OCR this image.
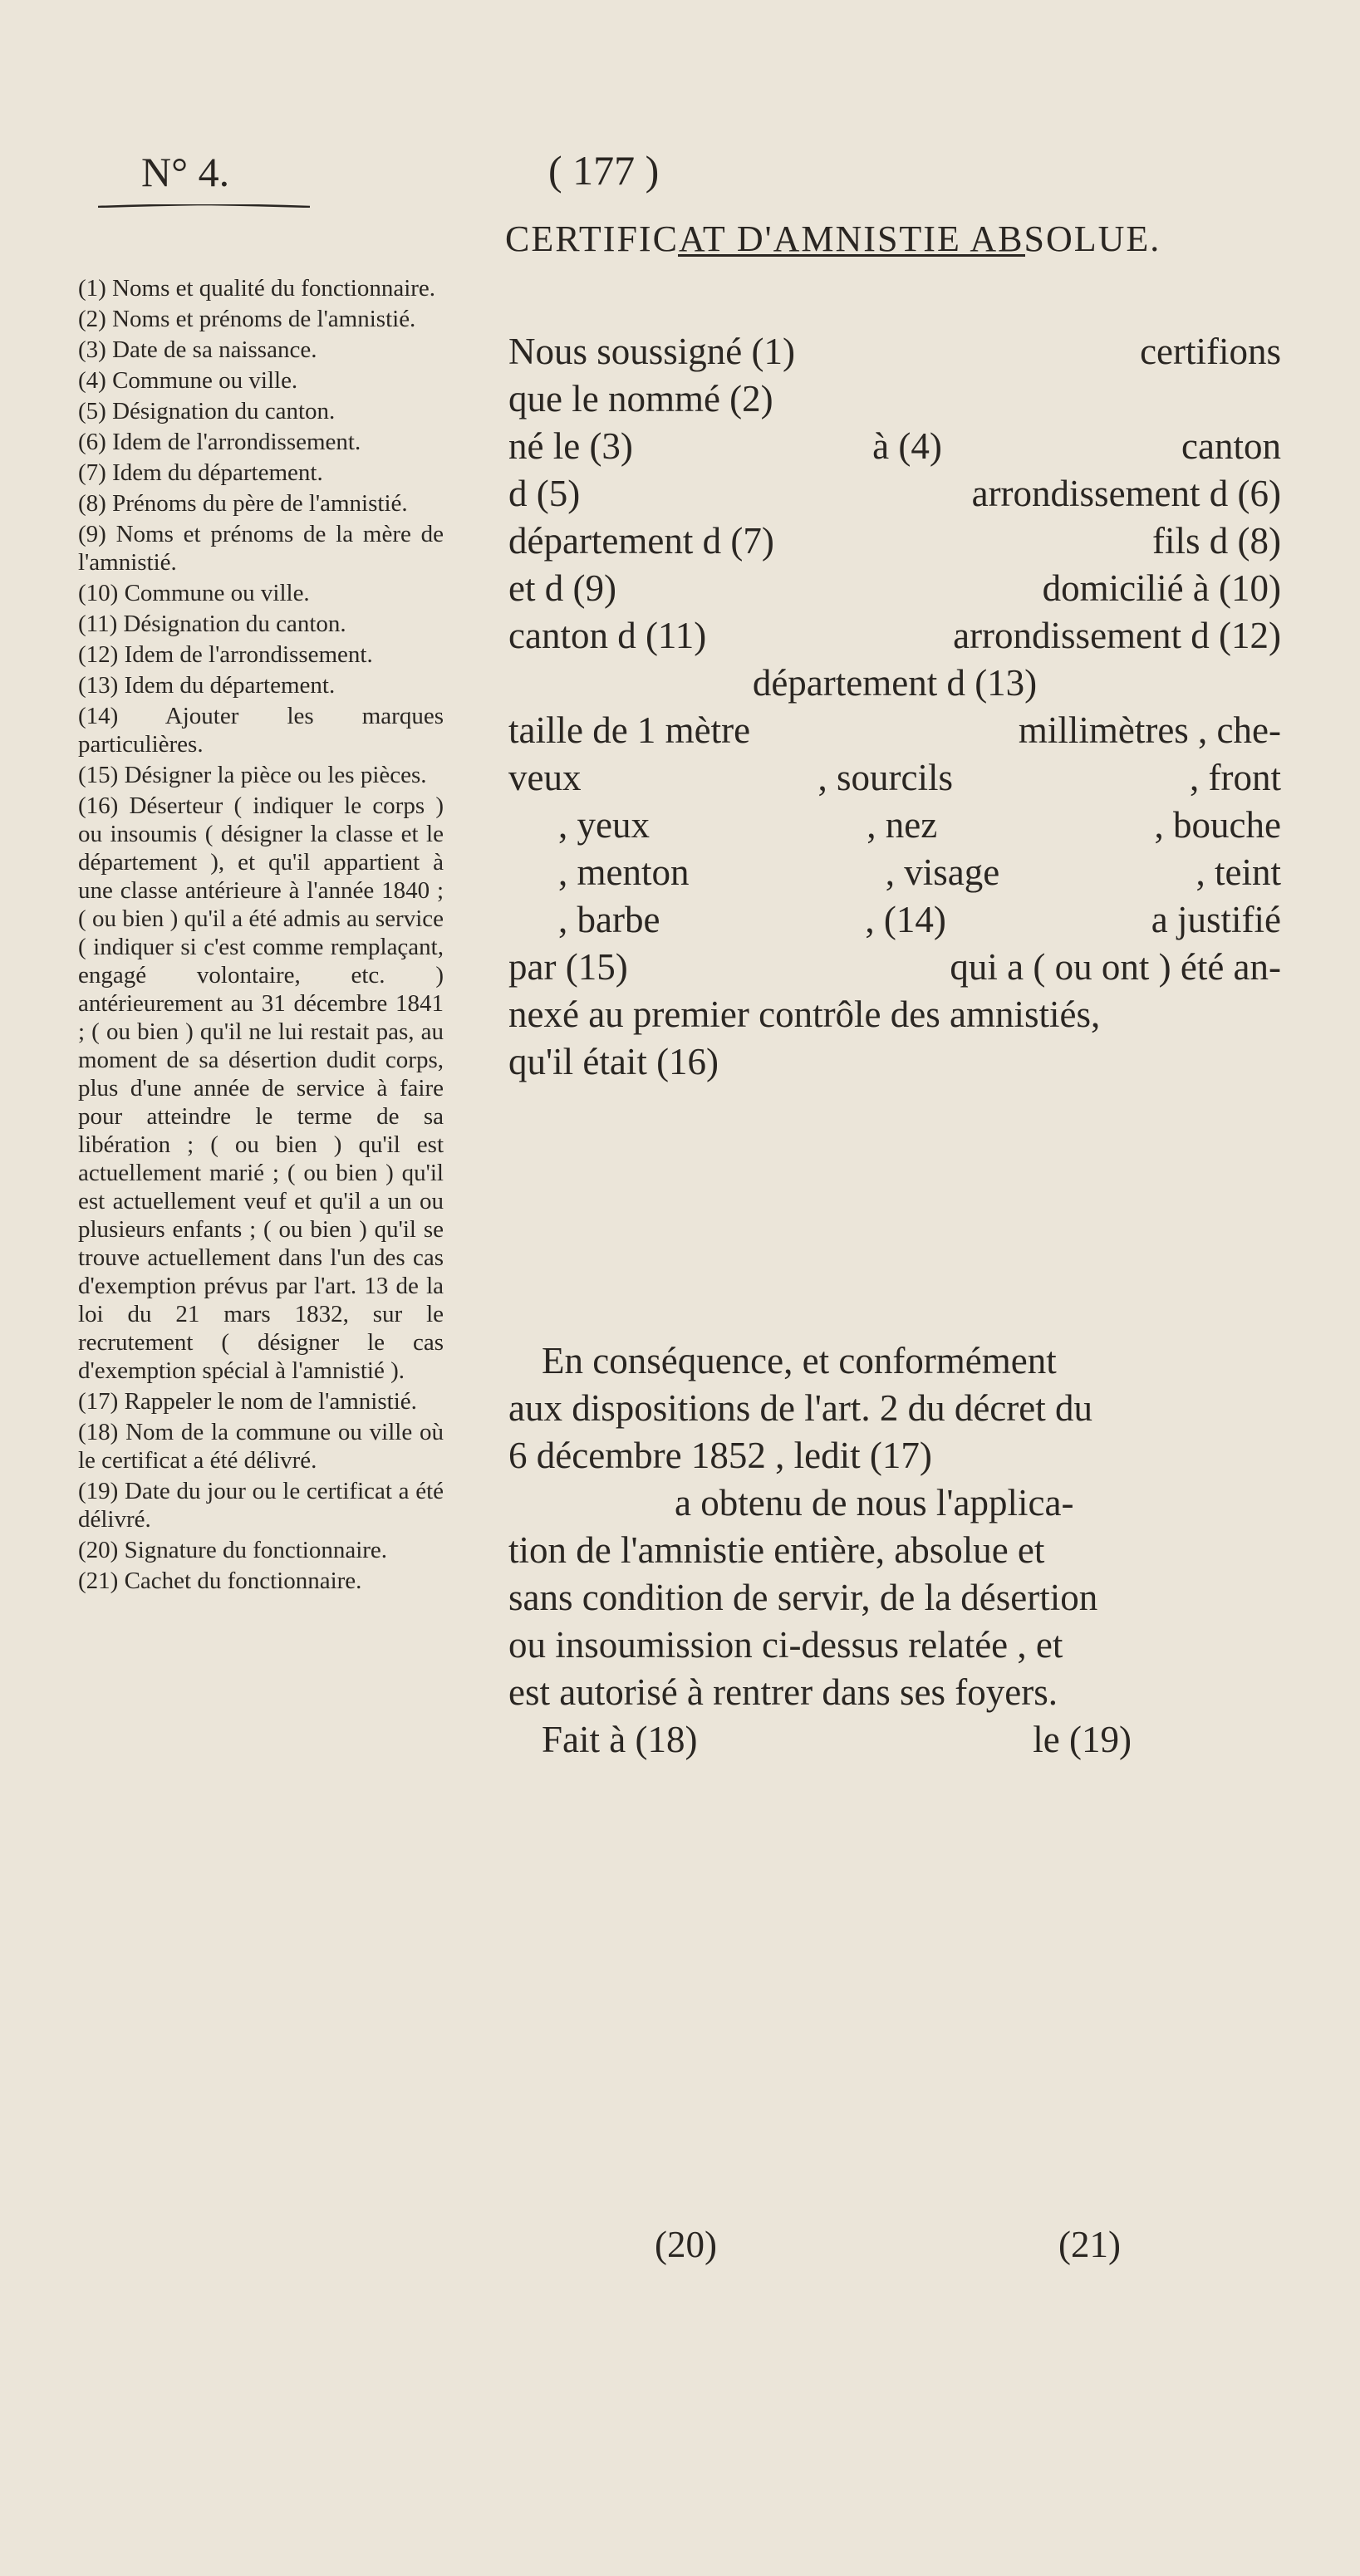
N° 4.	( 177 )
CERTIFICAT D'AMNISTIE ABSOLUE.

(1) Noms et qualité du fonctionnaire.

(2) Noms et prénoms de l'amnistié.

(3) Date de sa naissance.

(4) Commune ou ville.

(5) Désignation du canton.

(6) Idem de l'arrondissement.

(7) Idem du département.

(8) Prénoms du père de l'amnistié.

(9) Noms et prénoms de la mère de l'amnistié.

(10) Commune ou ville.

(11) Désignation du canton.

(12) Idem de l'arrondissement.

(13) Idem du département.

(14) Ajouter les marques particulières.

(15) Désigner la pièce ou les pièces.

(16) Déserteur ( indiquer le corps ) ou insoumis ( désigner la classe et le département ), et qu'il appartient à une classe antérieure à l'année 1840 ; ( ou bien ) qu'il a été admis au service ( indiquer si c'est comme remplaçant, engagé volontaire, etc. ) antérieurement au 31 décembre 1841 ; ( ou bien ) qu'il ne lui restait pas, au moment de sa désertion dudit corps, plus d'une année de service à faire pour atteindre le terme de sa libération ; ( ou bien ) qu'il est actuellement marié ; ( ou bien ) qu'il est actuellement veuf et qu'il a un ou plusieurs enfants ; ( ou bien ) qu'il se trouve actuellement dans l'un des cas d'exemption prévus par l'art. 13 de la loi du 21 mars 1832, sur le recrutement ( désigner le cas d'exemption spécial à l'amnistié ).

(17) Rappeler le nom de l'amnistié.

(18) Nom de la commune ou ville où le certificat a été délivré.

(19) Date du jour ou le certificat a été délivré.

(20) Signature du fonctionnaire.

(21) Cachet du fonctionnaire.

Nous soussigné (1)	certifions
que le nommé (2)
né le (3)	à (4)	canton
d (5)	arrondissement d (6)
département d (7)	fils d (8)
et d (9)	domicilié à (10)
canton d (11)	arrondissement d (12)
département d (13)
taille de 1 mètre	millimètres , che-
veux	, sourcils	, front
, yeux	, nez	, bouche
, menton	, visage	, teint
, barbe	, (14)	a justifié
par (15)	qui a ( ou ont ) été an-
nexé au premier contrôle des amnistiés,
qu'il était (16)

En conséquence, et conformément

aux dispositions de l'art. 2 du décret du

6 décembre 1852 , ledit (17)

a obtenu de nous l'applica-

tion de l'amnistie entière, absolue et

sans condition de servir, de la désertion

ou insoumission ci-dessus relatée , et

est autorisé à rentrer dans ses foyers.

Fait à (18)	le (19)
(20)	(21)
